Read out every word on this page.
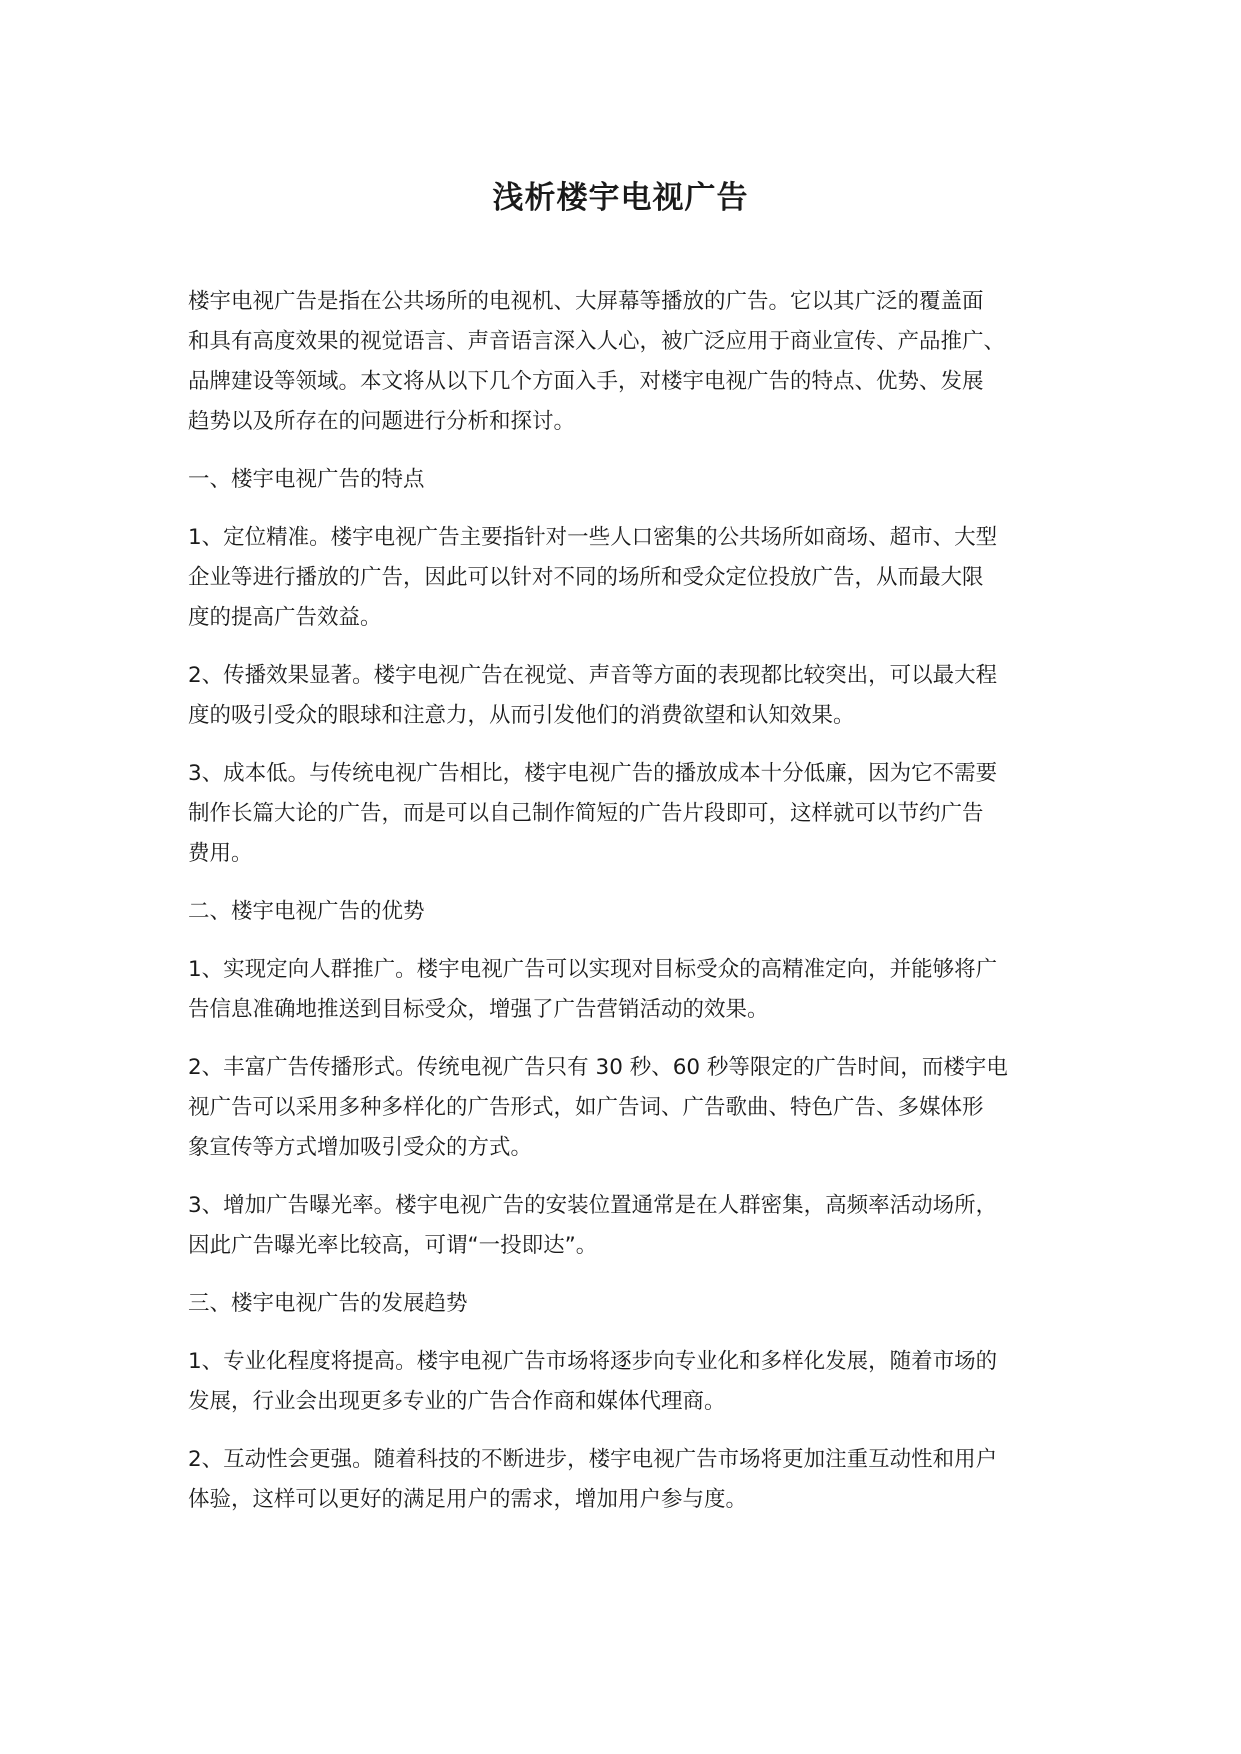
浅析楼宇电视广告
楼宇电视广告是指在公共场所的电视机、大屏幕等播放的广告。它以其广泛的覆盖面
和具有高度效果的视觉语言、声音语言深入人心，被广泛应用于商业宣传、产品推广、
品牌建设等领域。本文将从以下几个方面入手，对楼宇电视广告的特点、优势、发展
趋势以及所存在的问题进行分析和探讨。
一、楼宇电视广告的特点
1、定位精准。楼宇电视广告主要指针对一些人口密集的公共场所如商场、超市、大型
企业等进行播放的广告，因此可以针对不同的场所和受众定位投放广告，从而最大限
度的提高广告效益。
2、传播效果显著。楼宇电视广告在视觉、声音等方面的表现都比较突出，可以最大程
度的吸引受众的眼球和注意力，从而引发他们的消费欲望和认知效果。
3、成本低。与传统电视广告相比，楼宇电视广告的播放成本十分低廉，因为它不需要
制作长篇大论的广告，而是可以自己制作简短的广告片段即可，这样就可以节约广告
费用。
二、楼宇电视广告的优势
1、实现定向人群推广。楼宇电视广告可以实现对目标受众的高精准定向，并能够将广
告信息准确地推送到目标受众，增强了广告营销活动的效果。
2、丰富广告传播形式。传统电视广告只有 30 秒、60 秒等限定的广告时间，而楼宇电
视广告可以采用多种多样化的广告形式，如广告词、广告歌曲、特色广告、多媒体形
象宣传等方式增加吸引受众的方式。
3、增加广告曝光率。楼宇电视广告的安装位置通常是在人群密集，高频率活动场所，
因此广告曝光率比较高，可谓“一投即达”。
三、楼宇电视广告的发展趋势
1、专业化程度将提高。楼宇电视广告市场将逐步向专业化和多样化发展，随着市场的
发展，行业会出现更多专业的广告合作商和媒体代理商。
2、互动性会更强。随着科技的不断进步，楼宇电视广告市场将更加注重互动性和用户
体验，这样可以更好的满足用户的需求，增加用户参与度。
